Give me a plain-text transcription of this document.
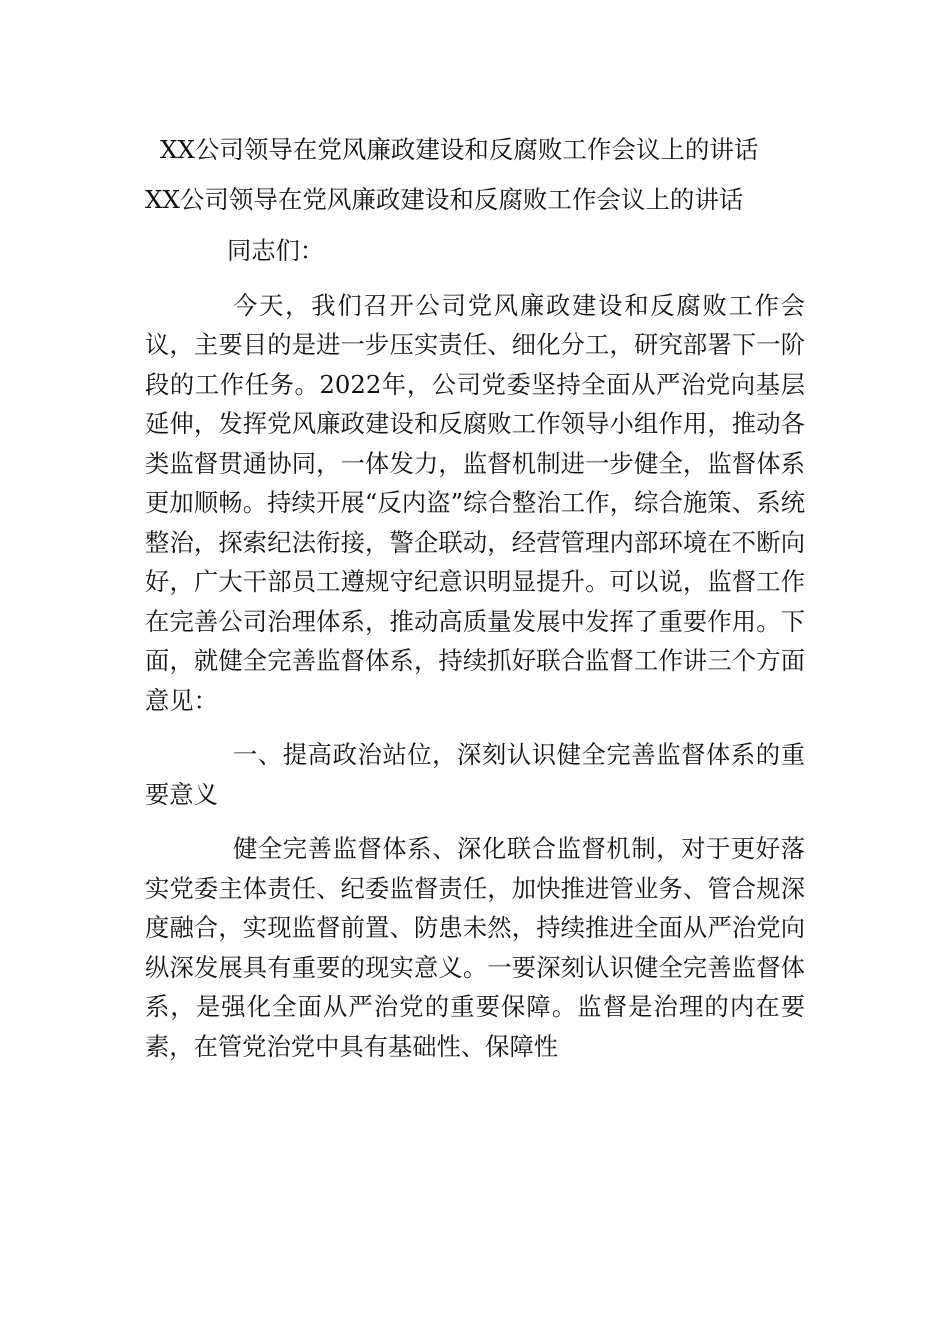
XX公司领导在党风廉政建设和反腐败工作会议上的讲话
XX公司领导在党风廉政建设和反腐败工作会议上的讲话

同志们：

今天，我们召开公司党风廉政建设和反腐败工作会议，主要目的是进一步压实责任、细化分工，研究部署下一阶段的工作任务。2022年，公司党委坚持全面从严治党向基层延伸，发挥党风廉政建设和反腐败工作领导小组作用，推动各类监督贯通协同，一体发力，监督机制进一步健全，监督体系更加顺畅。持续开展“反内盗”综合整治工作，综合施策、系统整治，探索纪法衔接，警企联动，经营管理内部环境在不断向好，广大干部员工遵规守纪意识明显提升。可以说，监督工作在完善公司治理体系，推动高质量发展中发挥了重要作用。下面，就健全完善监督体系，持续抓好联合监督工作讲三个方面意见：

一、提高政治站位，深刻认识健全完善监督体系的重要意义

健全完善监督体系、深化联合监督机制，对于更好落实党委主体责任、纪委监督责任，加快推进管业务、管合规深度融合，实现监督前置、防患未然，持续推进全面从严治党向纵深发展具有重要的现实意义。一要深刻认识健全完善监督体系，是强化全面从严治党的重要保障。监督是治理的内在要素，在管党治党中具有基础性、保障性
